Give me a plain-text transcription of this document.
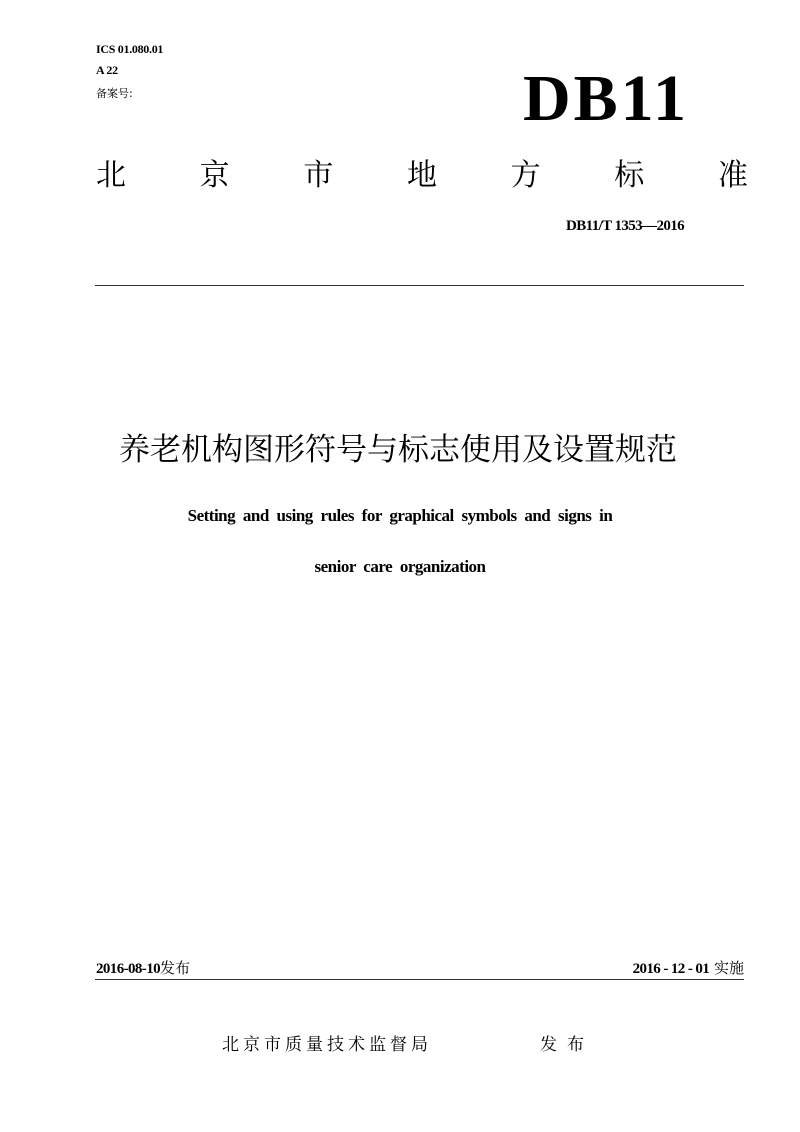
ICS 01.080.01
A 22
备案号:	DB11
北 京 市 地 方 标 准
DB11/T 1353—2016
养老机构图形符号与标志使用及设置规范
Setting and using rules for graphical symbols and signs in
senior care organization
2016-08-10发布	2016 - 12 - 01 实施
北京市质量技术监督局	发布
